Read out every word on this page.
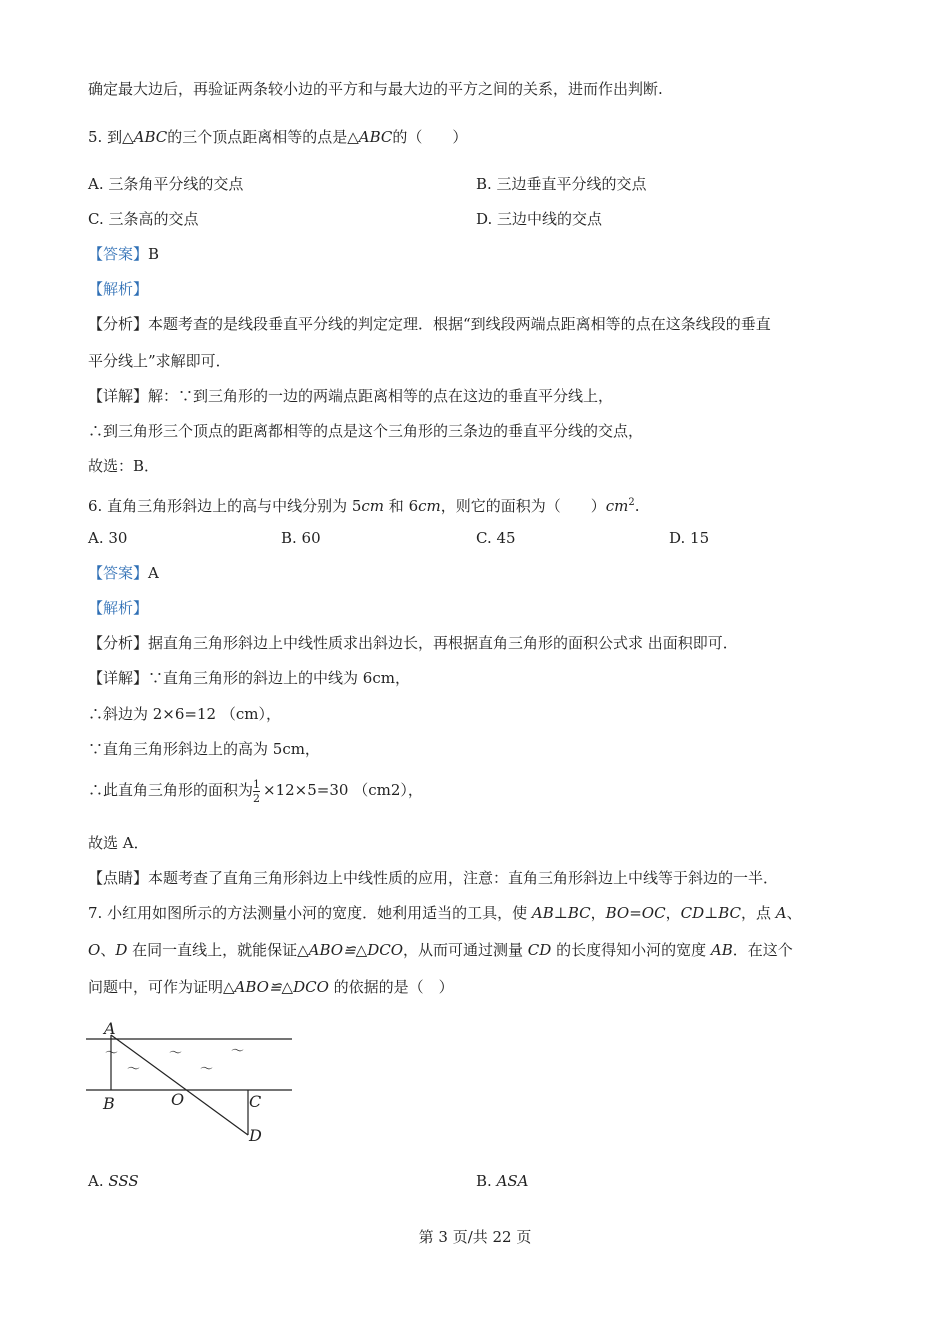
确定最大边后，再验证两条较小边的平方和与最大边的平方之间的关系，进而作出判断.
5. 到△ABC的三个顶点距离相等的点是△ABC的（　　）
A. 三条角平分线的交点	B. 三边垂直平分线的交点
C. 三条高的交点	D. 三边中线的交点
【答案】B
【解析】
【分析】本题考查的是线段垂直平分线的判定定理．根据“到线段两端点距离相等的点在这条线段的垂直
平分线上”求解即可．
【详解】解：∵到三角形的一边的两端点距离相等的点在这边的垂直平分线上，
∴到三角形三个顶点的距离都相等的点是这个三角形的三条边的垂直平分线的交点，
故选：B．
6. 直角三角形斜边上的高与中线分别为 5cm 和 6cm，则它的面积为（　　）$cm^2$.
A. 30	B. 60	C. 45	D. 15
【答案】A
【解析】
【分析】据直角三角形斜边上中线性质求出斜边长，再根据直角三角形的面积公式求 出面积即可．
【详解】∵直角三角形的斜边上的中线为 6cm，
∴斜边为 2×6=12 （cm），
∵直角三角形斜边上的高为 5cm，
∴此直角三角形的面积为 $\frac{1}{2} \times 12\times 5=30$ （cm2），
故选 A．
【点睛】本题考查了直角三角形斜边上中线性质的应用，注意：直角三角形斜边上中线等于斜边的一半．
7. 小红用如图所示的方法测量小河的宽度．她利用适当的工具，使 AB⊥BC，BO=OC，CD⊥BC，点 A、
O、D 在同一直线上，就能保证△ABO≌△DCO，从而可通过测量 CD 的长度得知小河的宽度 AB．在这个
问题中，可作为证明△ABO≌△DCO 的依据的是（　）
A
B	O	C
D
～	～	～
～	～
A. SSS	B. ASA
第 3 页/共 22 页
